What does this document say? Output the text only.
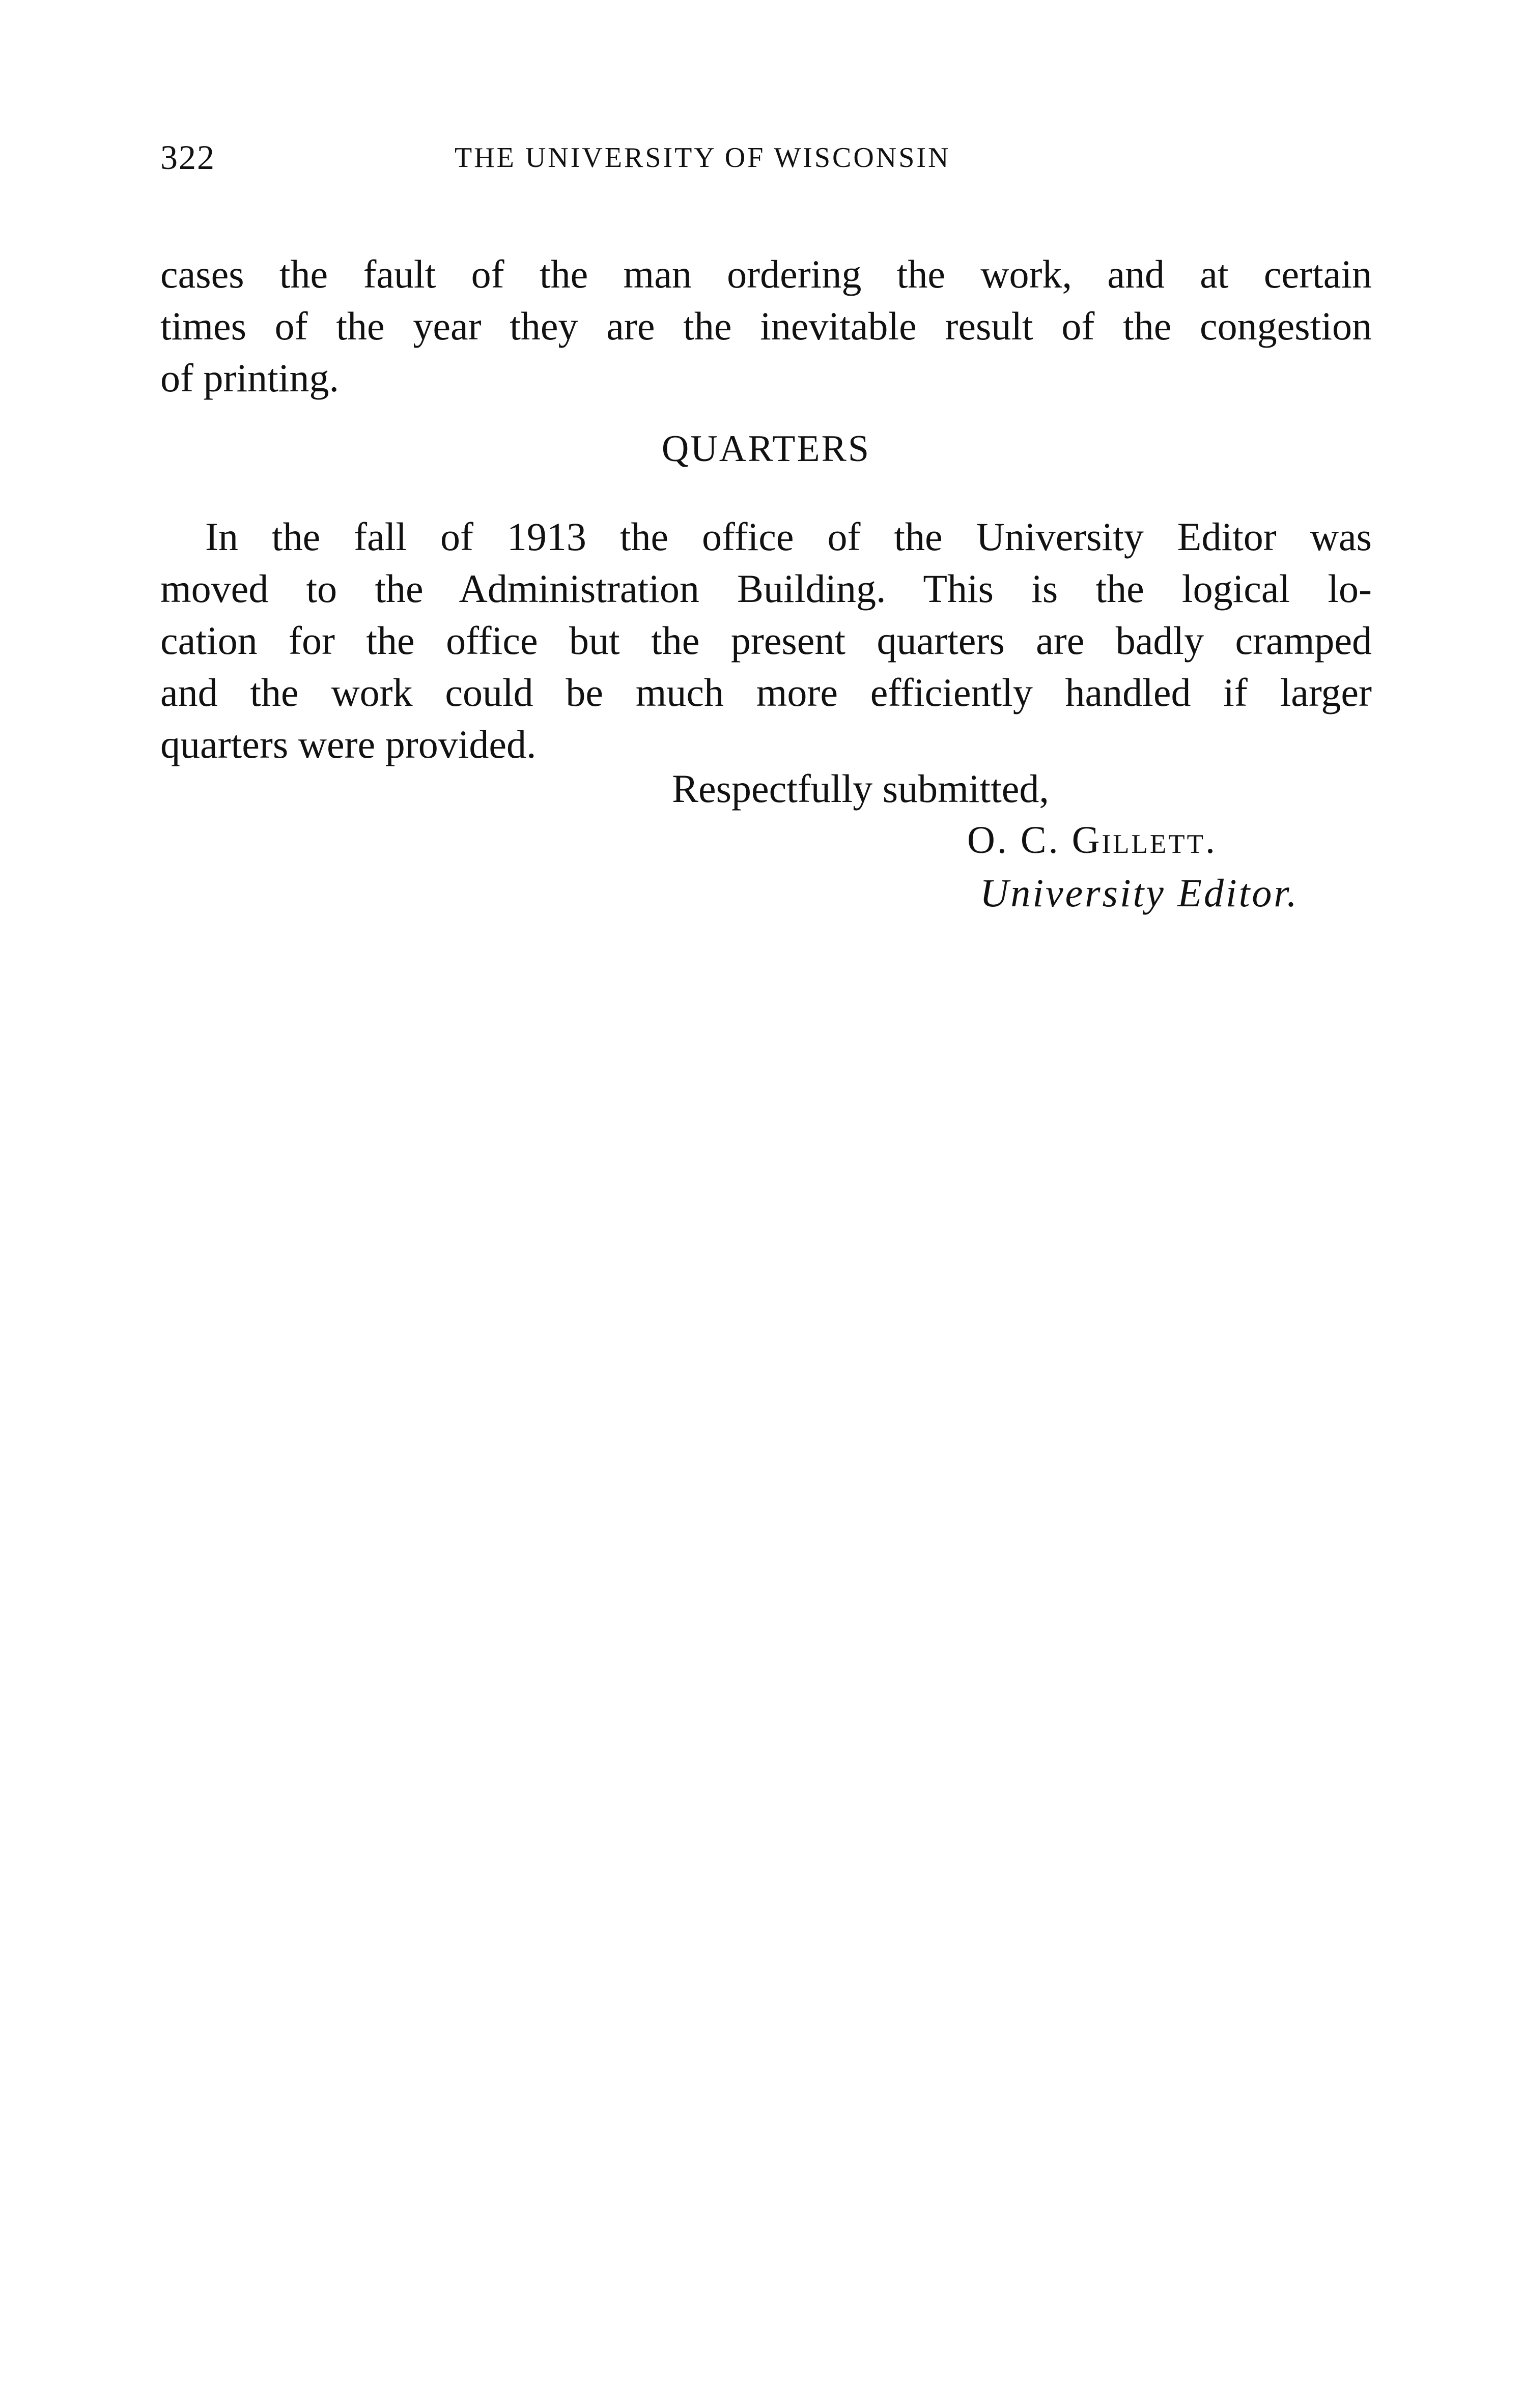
322	THE UNIVERSITY OF WISCONSIN
cases the fault of the man ordering the work, and at certain
times of the year they are the inevitable result of the congestion
of printing.
QUARTERS
In the fall of 1913 the office of the University Editor was
moved to the Administration Building. This is the logical lo-
cation for the office but the present quarters are badly cramped
and the work could be much more efficiently handled if larger
quarters were provided.
Respectfully submitted,
O. C. Gillett.
University Editor.
